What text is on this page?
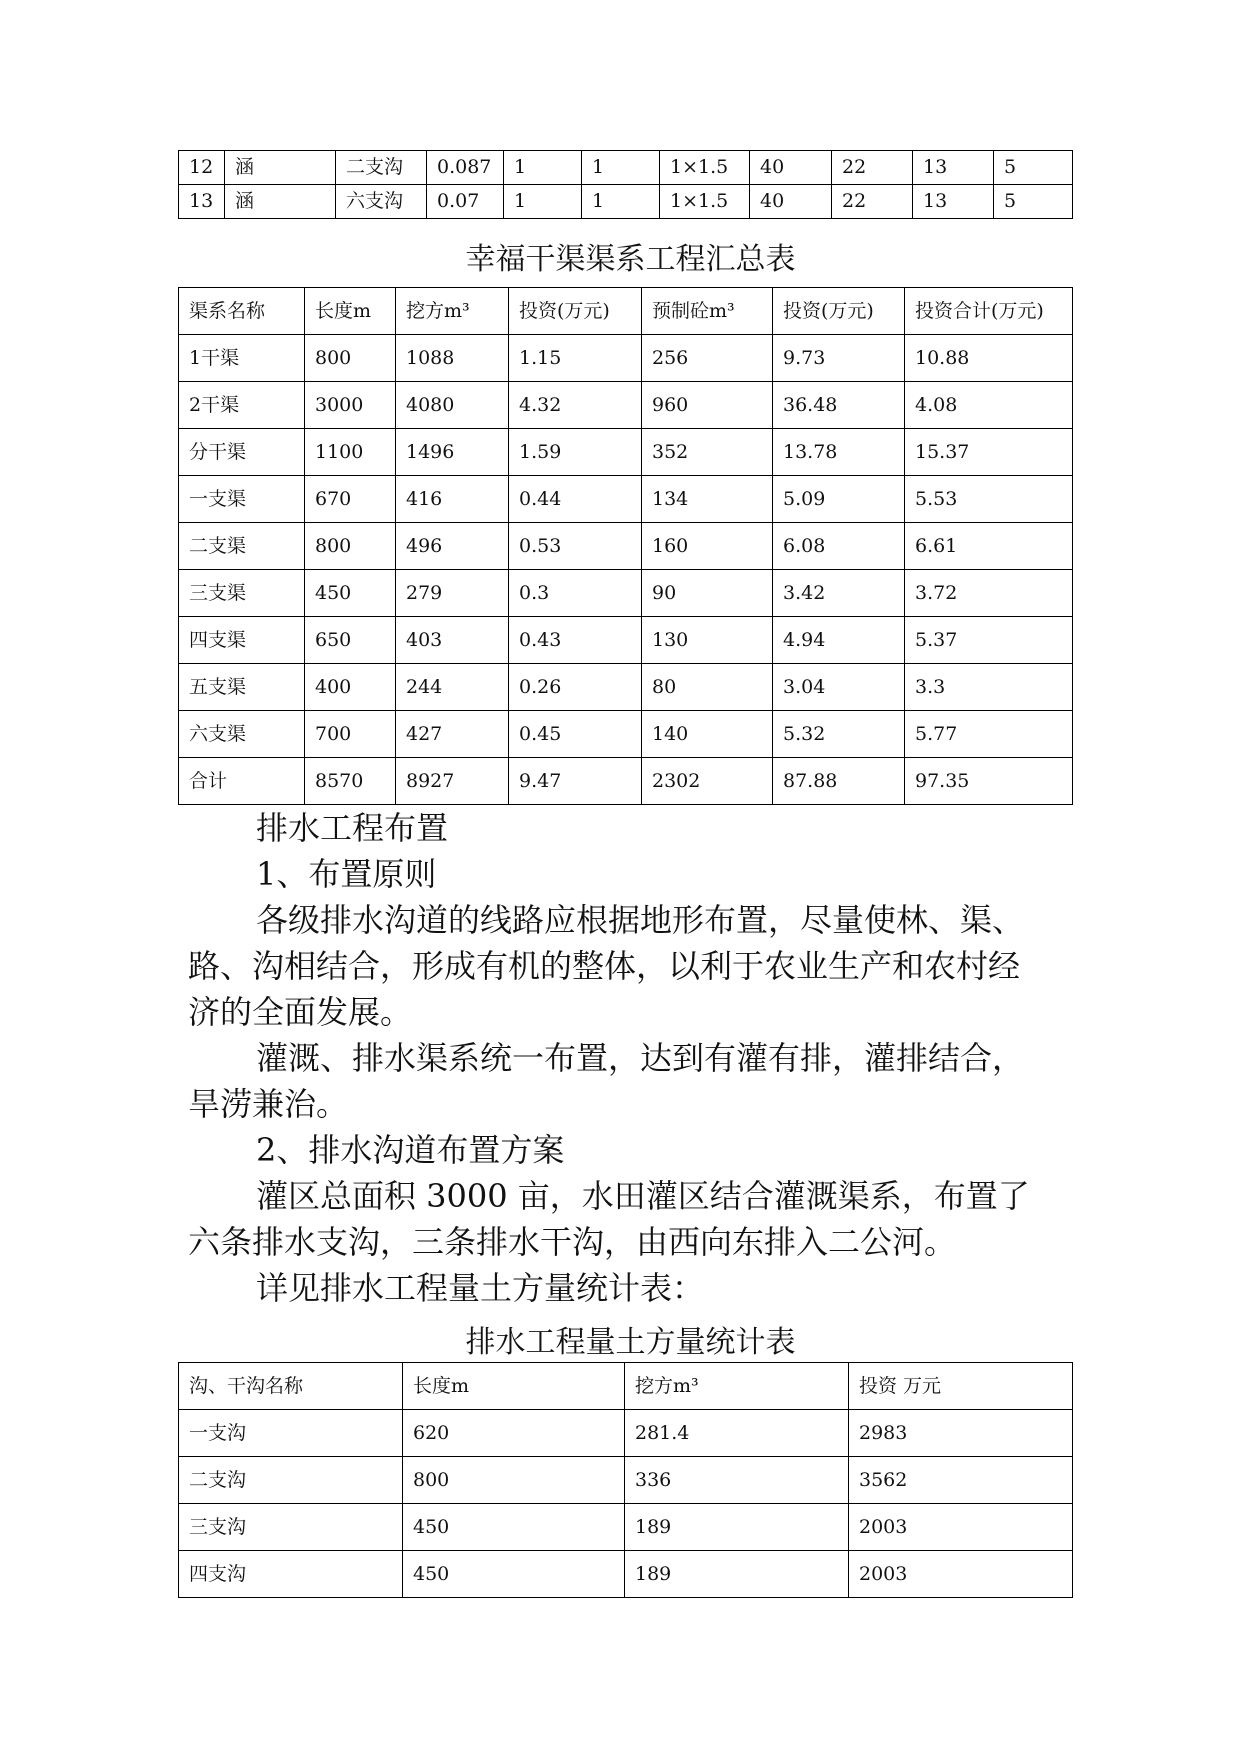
12	涵	二支沟	0.087	1	1	1×1.5	40	22	13	5
13	涵	六支沟	0.07	1	1	1×1.5	40	22	13	5
幸福干渠渠系工程汇总表
渠系名称	长度m	挖方m³	投资(万元)	预制砼m³	投资(万元)	投资合计(万元)
1干渠	800	1088	1.15	256	9.73	10.88
2干渠	3000	4080	4.32	960	36.48	4.08
分干渠	1100	1496	1.59	352	13.78	15.37
一支渠	670	416	0.44	134	5.09	5.53
二支渠	800	496	0.53	160	6.08	6.61
三支渠	450	279	0.3	90	3.42	3.72
四支渠	650	403	0.43	130	4.94	5.37
五支渠	400	244	0.26	80	3.04	3.3
六支渠	700	427	0.45	140	5.32	5.77
合计	8570	8927	9.47	2302	87.88	97.35
排水工程布置
1、布置原则
各级排水沟道的线路应根据地形布置，尽量使林、渠、
路、沟相结合，形成有机的整体，以利于农业生产和农村经
济的全面发展。
灌溉、排水渠系统一布置，达到有灌有排，灌排结合，
旱涝兼治。
2、排水沟道布置方案
灌区总面积 3000 亩，水田灌区结合灌溉渠系，布置了
六条排水支沟，三条排水干沟，由西向东排入二公河。
详见排水工程量土方量统计表：
排水工程量土方量统计表
沟、干沟名称	长度m	挖方m³	投资 万元
一支沟	620	281.4	2983
二支沟	800	336	3562
三支沟	450	189	2003
四支沟	450	189	2003
